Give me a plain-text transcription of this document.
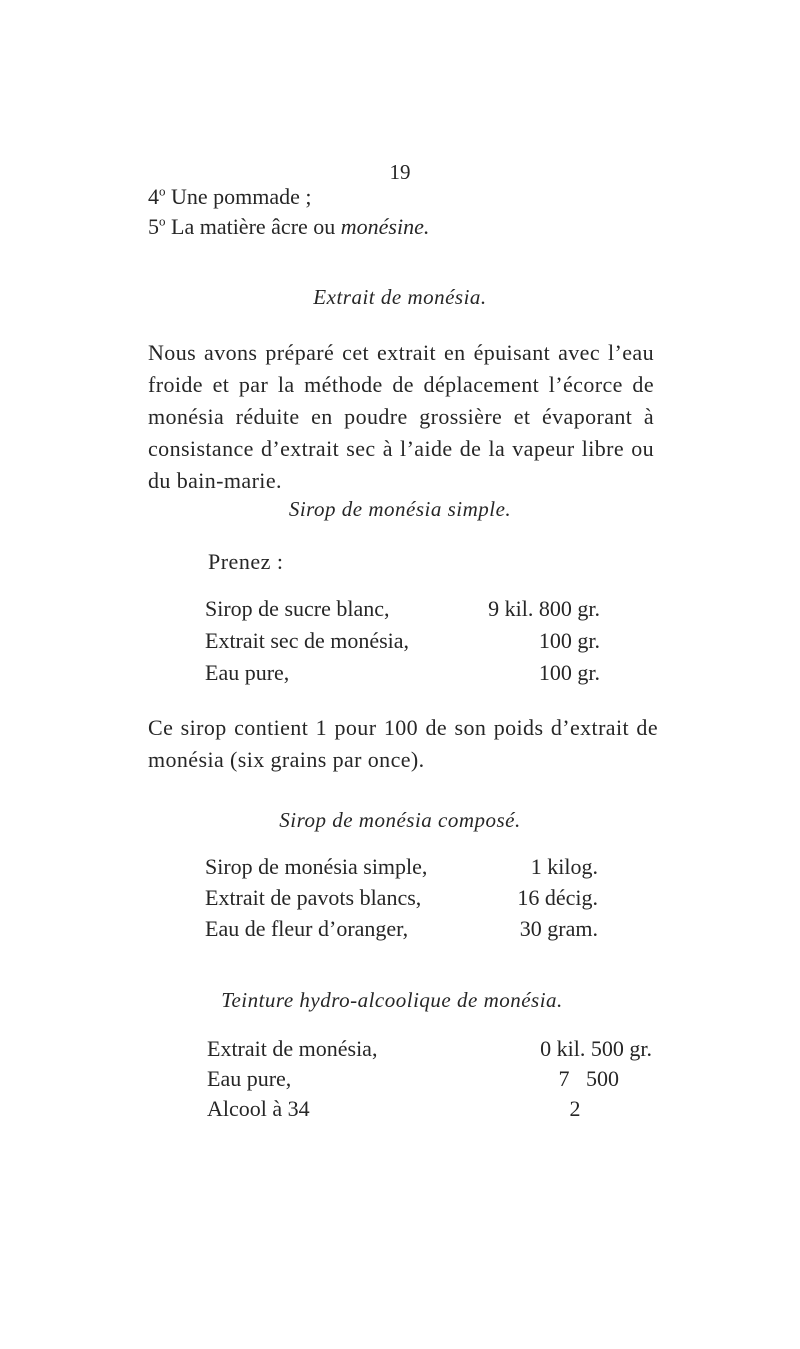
19
4$^o$ Une pommade ;
5$^o$ La matière âcre ou monésine.
Extrait de monésia.
Nous avons préparé cet extrait en épuisant avec l’eau froide et par la méthode de déplacement l’écorce de monésia réduite en poudre grossière et évaporant à consistance d’extrait sec à l’aide de la vapeur libre ou du bain-marie.
Sirop de monésia simple.
Prenez :
Sirop de sucre blanc,	9 kil. 800 gr.
Extrait sec de monésia,	100 gr.
Eau pure,	100 gr.
Ce sirop contient 1 pour 100 de son poids d’extrait de monésia (six grains par once).
Sirop de monésia composé.
Sirop de monésia simple,	1 kilog.
Extrait de pavots blancs,	16 décig.
Eau de fleur d’oranger,	30 gram.
Teinture hydro-alcoolique de monésia.
Extrait de monésia,	0 kil. 500 gr.
Eau pure,	7   500
Alcool à 34	2
